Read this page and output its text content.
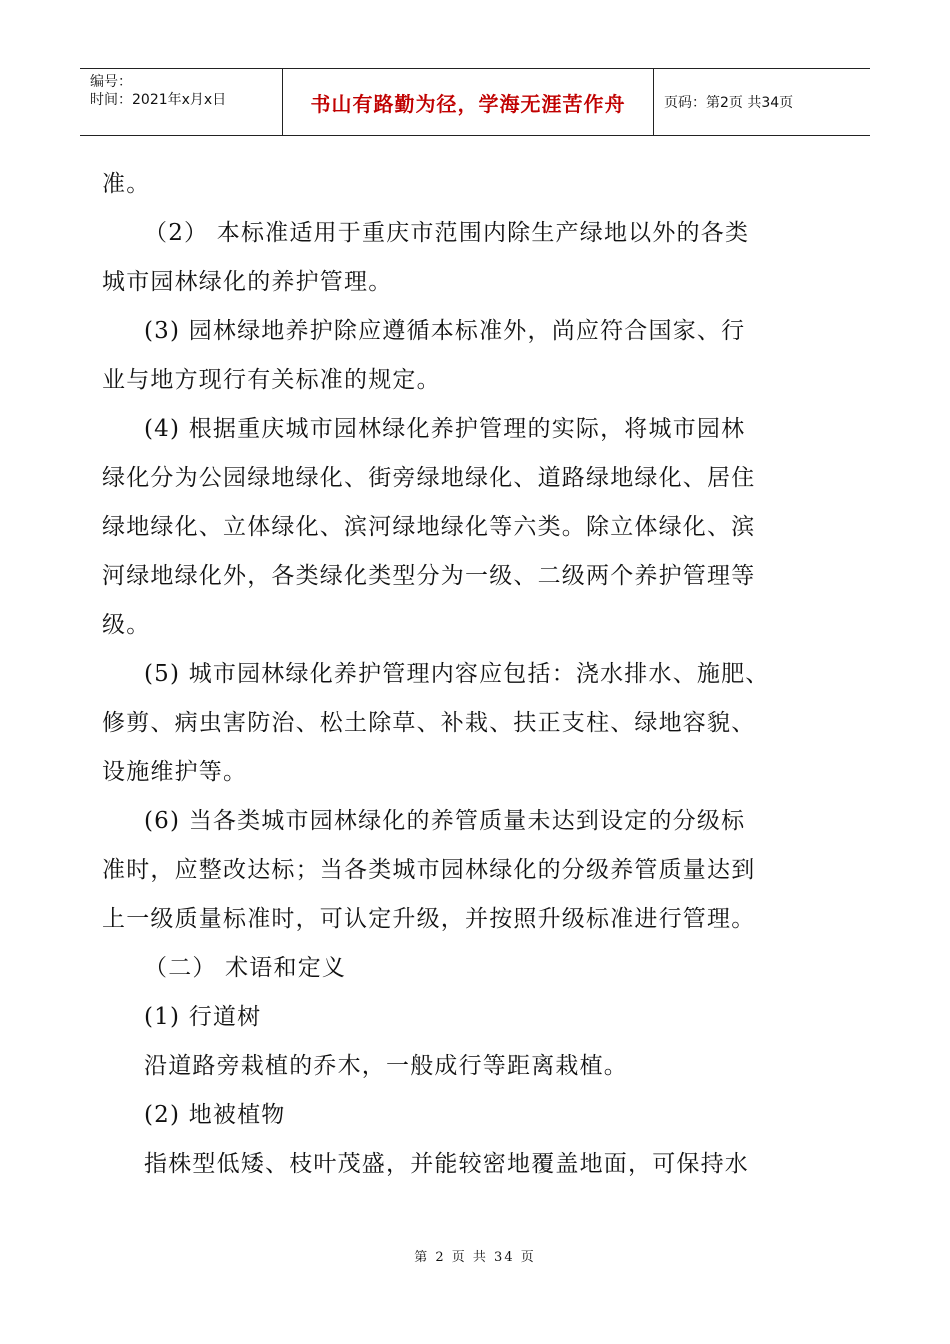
编号：
时间：2021年x月x日	书山有路勤为径，学海无涯苦作舟	页码：第2页 共34页
准。
（2） 本标准适用于重庆市范围内除生产绿地以外的各类
城市园林绿化的养护管理。
(3) 园林绿地养护除应遵循本标准外，尚应符合国家、行
业与地方现行有关标准的规定。
(4) 根据重庆城市园林绿化养护管理的实际，将城市园林
绿化分为公园绿地绿化、街旁绿地绿化、道路绿地绿化、居住
绿地绿化、立体绿化、滨河绿地绿化等六类。除立体绿化、滨
河绿地绿化外，各类绿化类型分为一级、二级两个养护管理等
级。
(5) 城市园林绿化养护管理内容应包括：浇水排水、施肥、
修剪、病虫害防治、松土除草、补栽、扶正支柱、绿地容貌、
设施维护等。
(6) 当各类城市园林绿化的养管质量未达到设定的分级标
准时，应整改达标；当各类城市园林绿化的分级养管质量达到
上一级质量标准时，可认定升级，并按照升级标准进行管理。
（二） 术语和定义
(1) 行道树
沿道路旁栽植的乔木，一般成行等距离栽植。
(2) 地被植物
指株型低矮、枝叶茂盛，并能较密地覆盖地面，可保持水
第 2 页 共 34 页
